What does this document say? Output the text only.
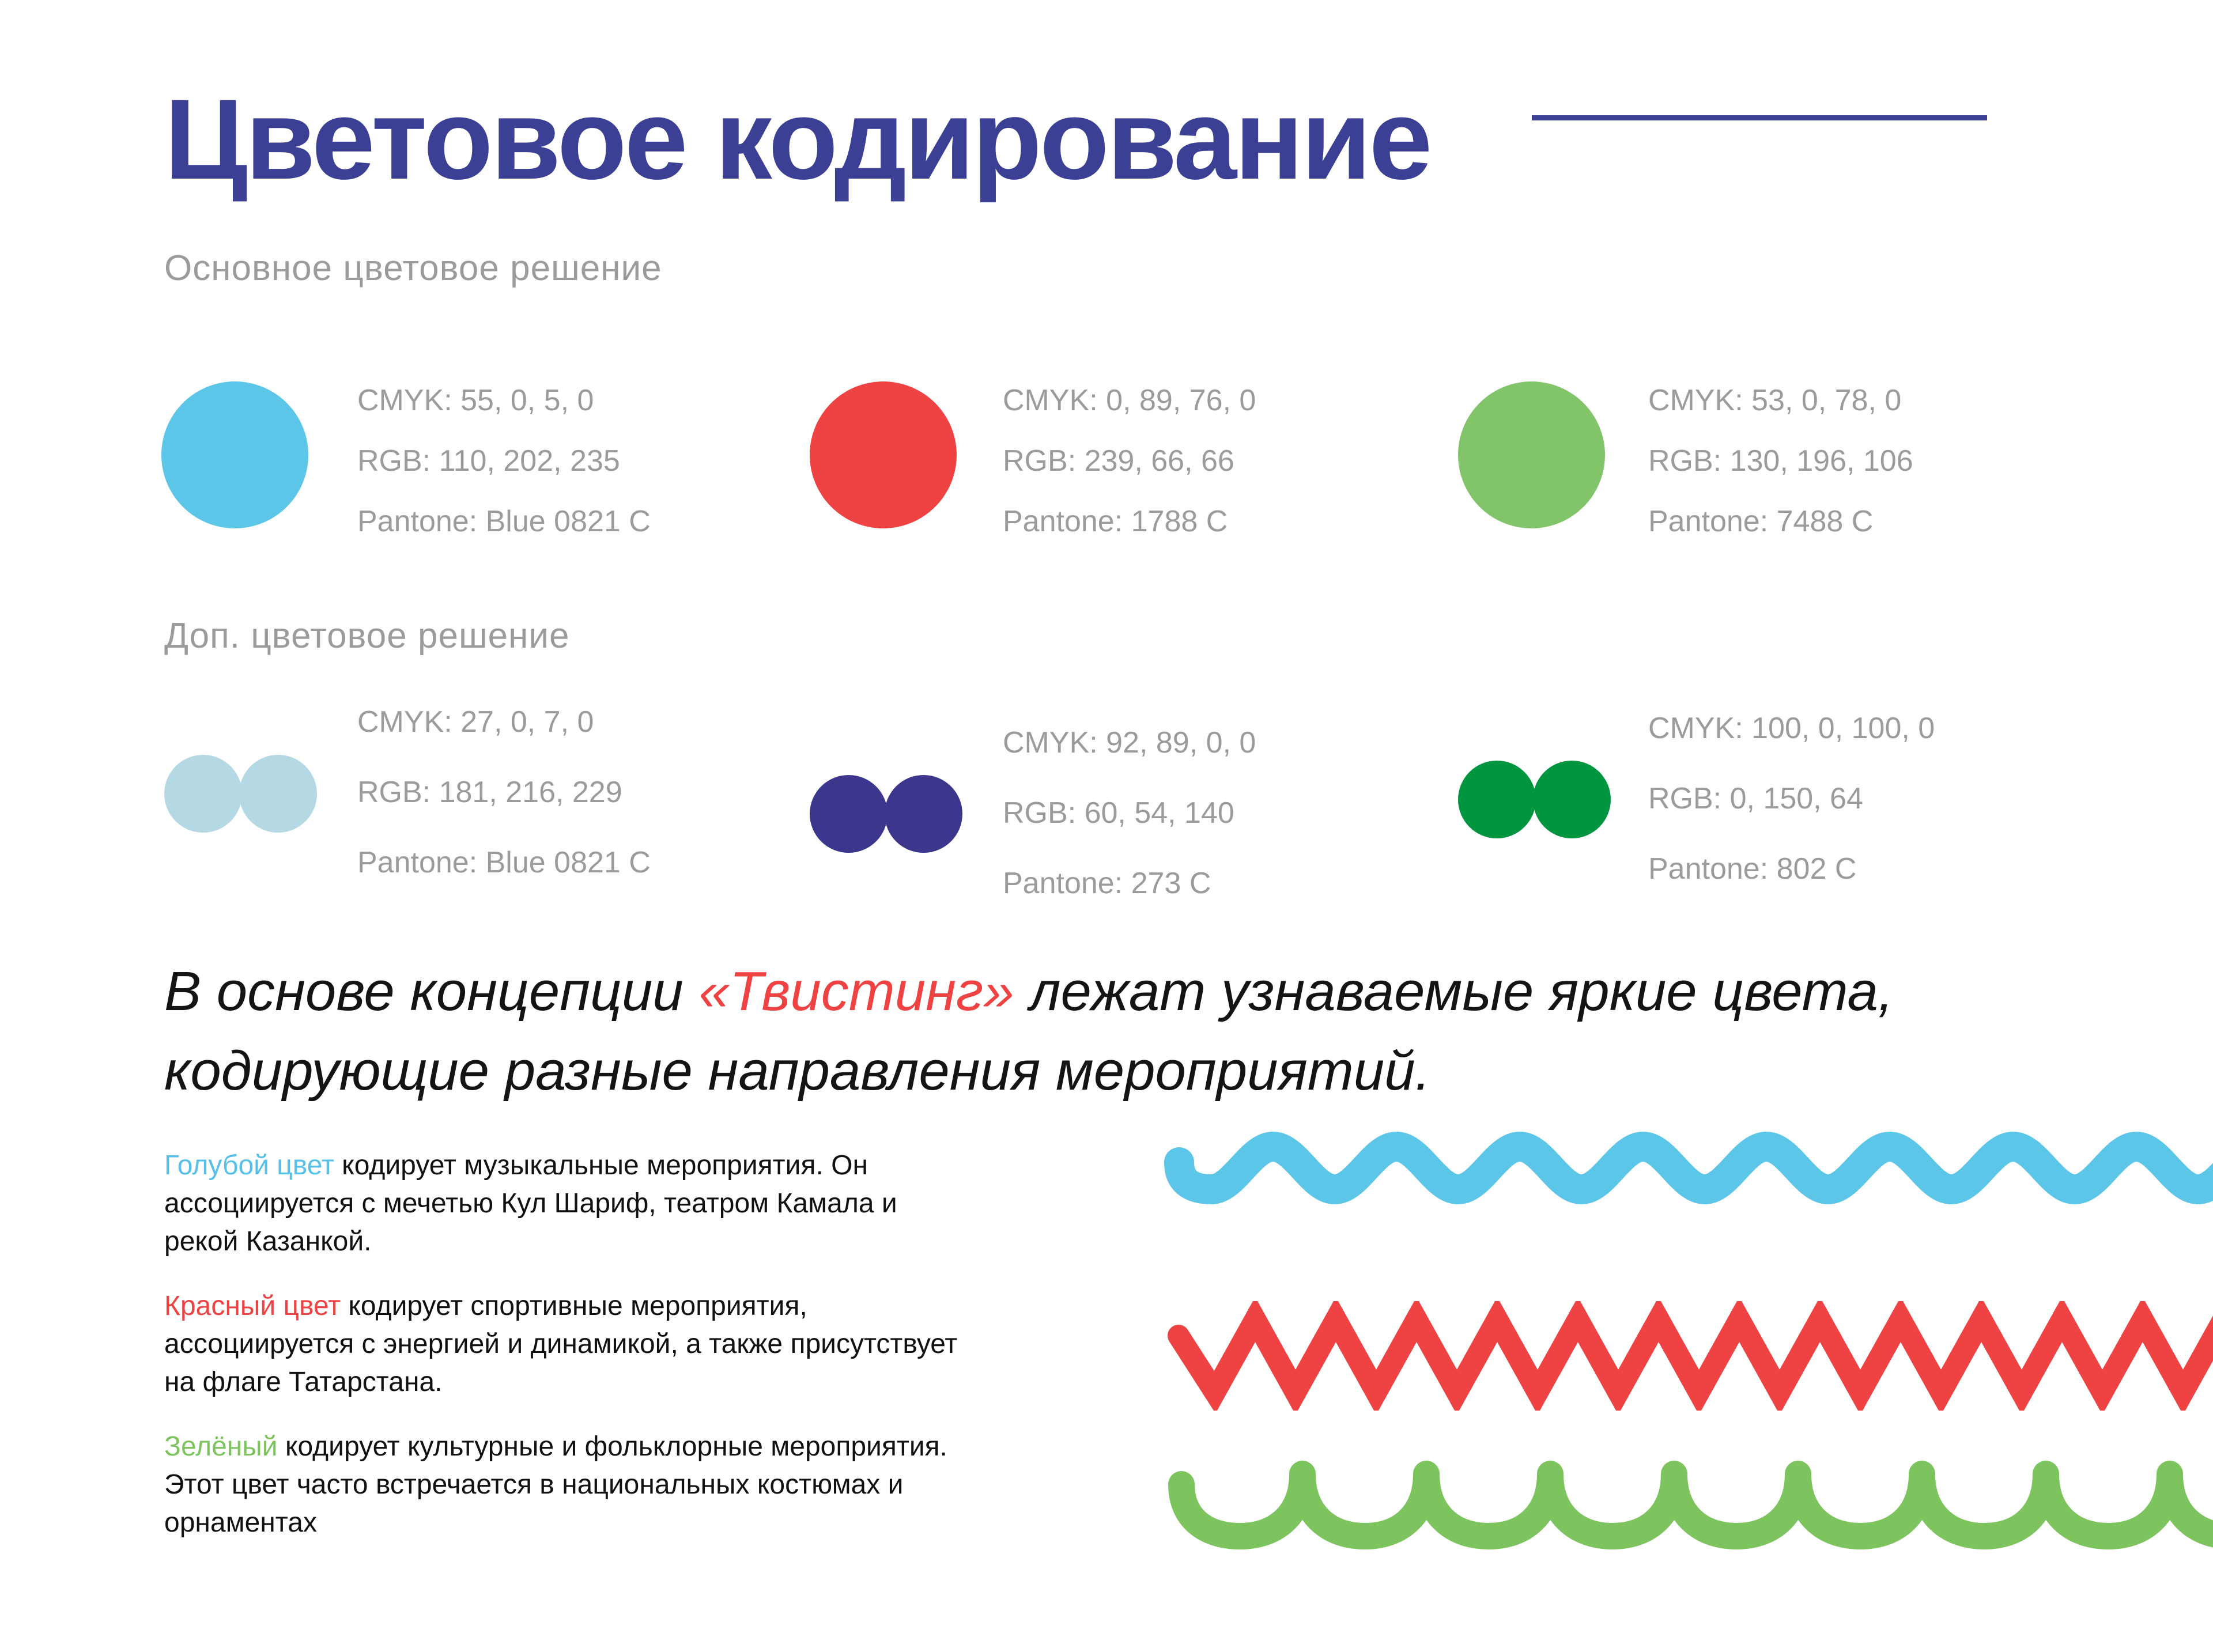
Цветовое кодирование
Основное цветовое решение
CMYK: 55, 0, 5, 0
RGB: 110, 202, 235
Pantone: Blue 0821 C
CMYK: 0, 89, 76, 0
RGB: 239, 66, 66
Pantone: 1788 C
CMYK: 53, 0, 78, 0
RGB: 130, 196, 106
Pantone: 7488 C
Доп. цветовое решение
CMYK: 27, 0, 7, 0
RGB: 181, 216, 229
Pantone: Blue 0821 C
CMYK: 92, 89, 0, 0
RGB: 60, 54, 140
Pantone: 273 C
CMYK: 100, 0, 100, 0
RGB: 0, 150, 64
Pantone: 802 C
В основе концепции «Твистинг» лежат узнаваемые яркие цвета,
кодирующие разные направления мероприятий.

Голубой цвет кодирует музыкальные мероприятия. Он ассоциируется с мечетью Кул Шариф, театром Камала и рекой Казанкой.

Красный цвет кодирует спортивные мероприятия, ассоциируется с энергией и динамикой, а также присутствует на флаге Татарстана.

Зелёный кодирует культурные и фольклорные мероприятия. Этот цвет часто встречается в национальных костюмах и орнаментах
